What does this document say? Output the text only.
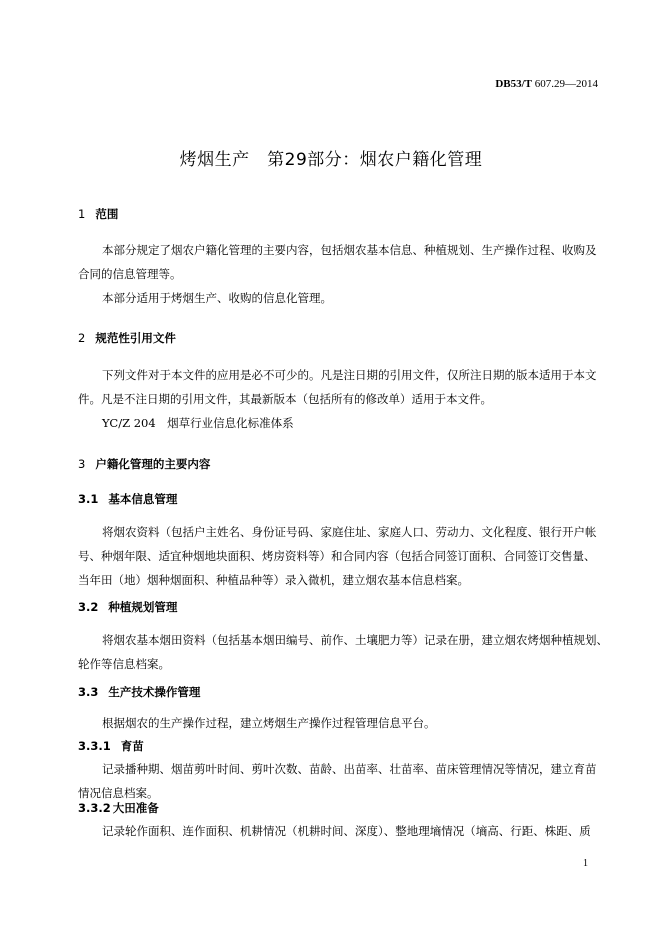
DB53/T 607.29—2014
烤烟生产　第29部分：烟农户籍化管理
1 范围
本部分规定了烟农户籍化管理的主要内容，包括烟农基本信息、种植规划、生产操作过程、收购及
合同的信息管理等。
本部分适用于烤烟生产、收购的信息化管理。
2 规范性引用文件
下列文件对于本文件的应用是必不可少的。凡是注日期的引用文件，仅所注日期的版本适用于本文
件。凡是不注日期的引用文件，其最新版本（包括所有的修改单）适用于本文件。
YC/Z 204　烟草行业信息化标准体系
3 户籍化管理的主要内容
3.1 基本信息管理
将烟农资料（包括户主姓名、身份证号码、家庭住址、家庭人口、劳动力、文化程度、银行开户帐
号、种烟年限、适宜种烟地块面积、烤房资料等）和合同内容（包括合同签订面积、合同签订交售量、
当年田（地）烟种烟面积、种植品种等）录入微机，建立烟农基本信息档案。
3.2 种植规划管理
将烟农基本烟田资料（包括基本烟田编号、前作、土壤肥力等）记录在册，建立烟农烤烟种植规划、
轮作等信息档案。
3.3 生产技术操作管理
根据烟农的生产操作过程，建立烤烟生产操作过程管理信息平台。
3.3.1 育苗
记录播种期、烟苗剪叶时间、剪叶次数、苗龄、出苗率、壮苗率、苗床管理情况等情况，建立育苗
情况信息档案。
3.3.2 大田准备
记录轮作面积、连作面积、机耕情况（机耕时间、深度）、整地理墒情况（墒高、行距、株距、质
1
